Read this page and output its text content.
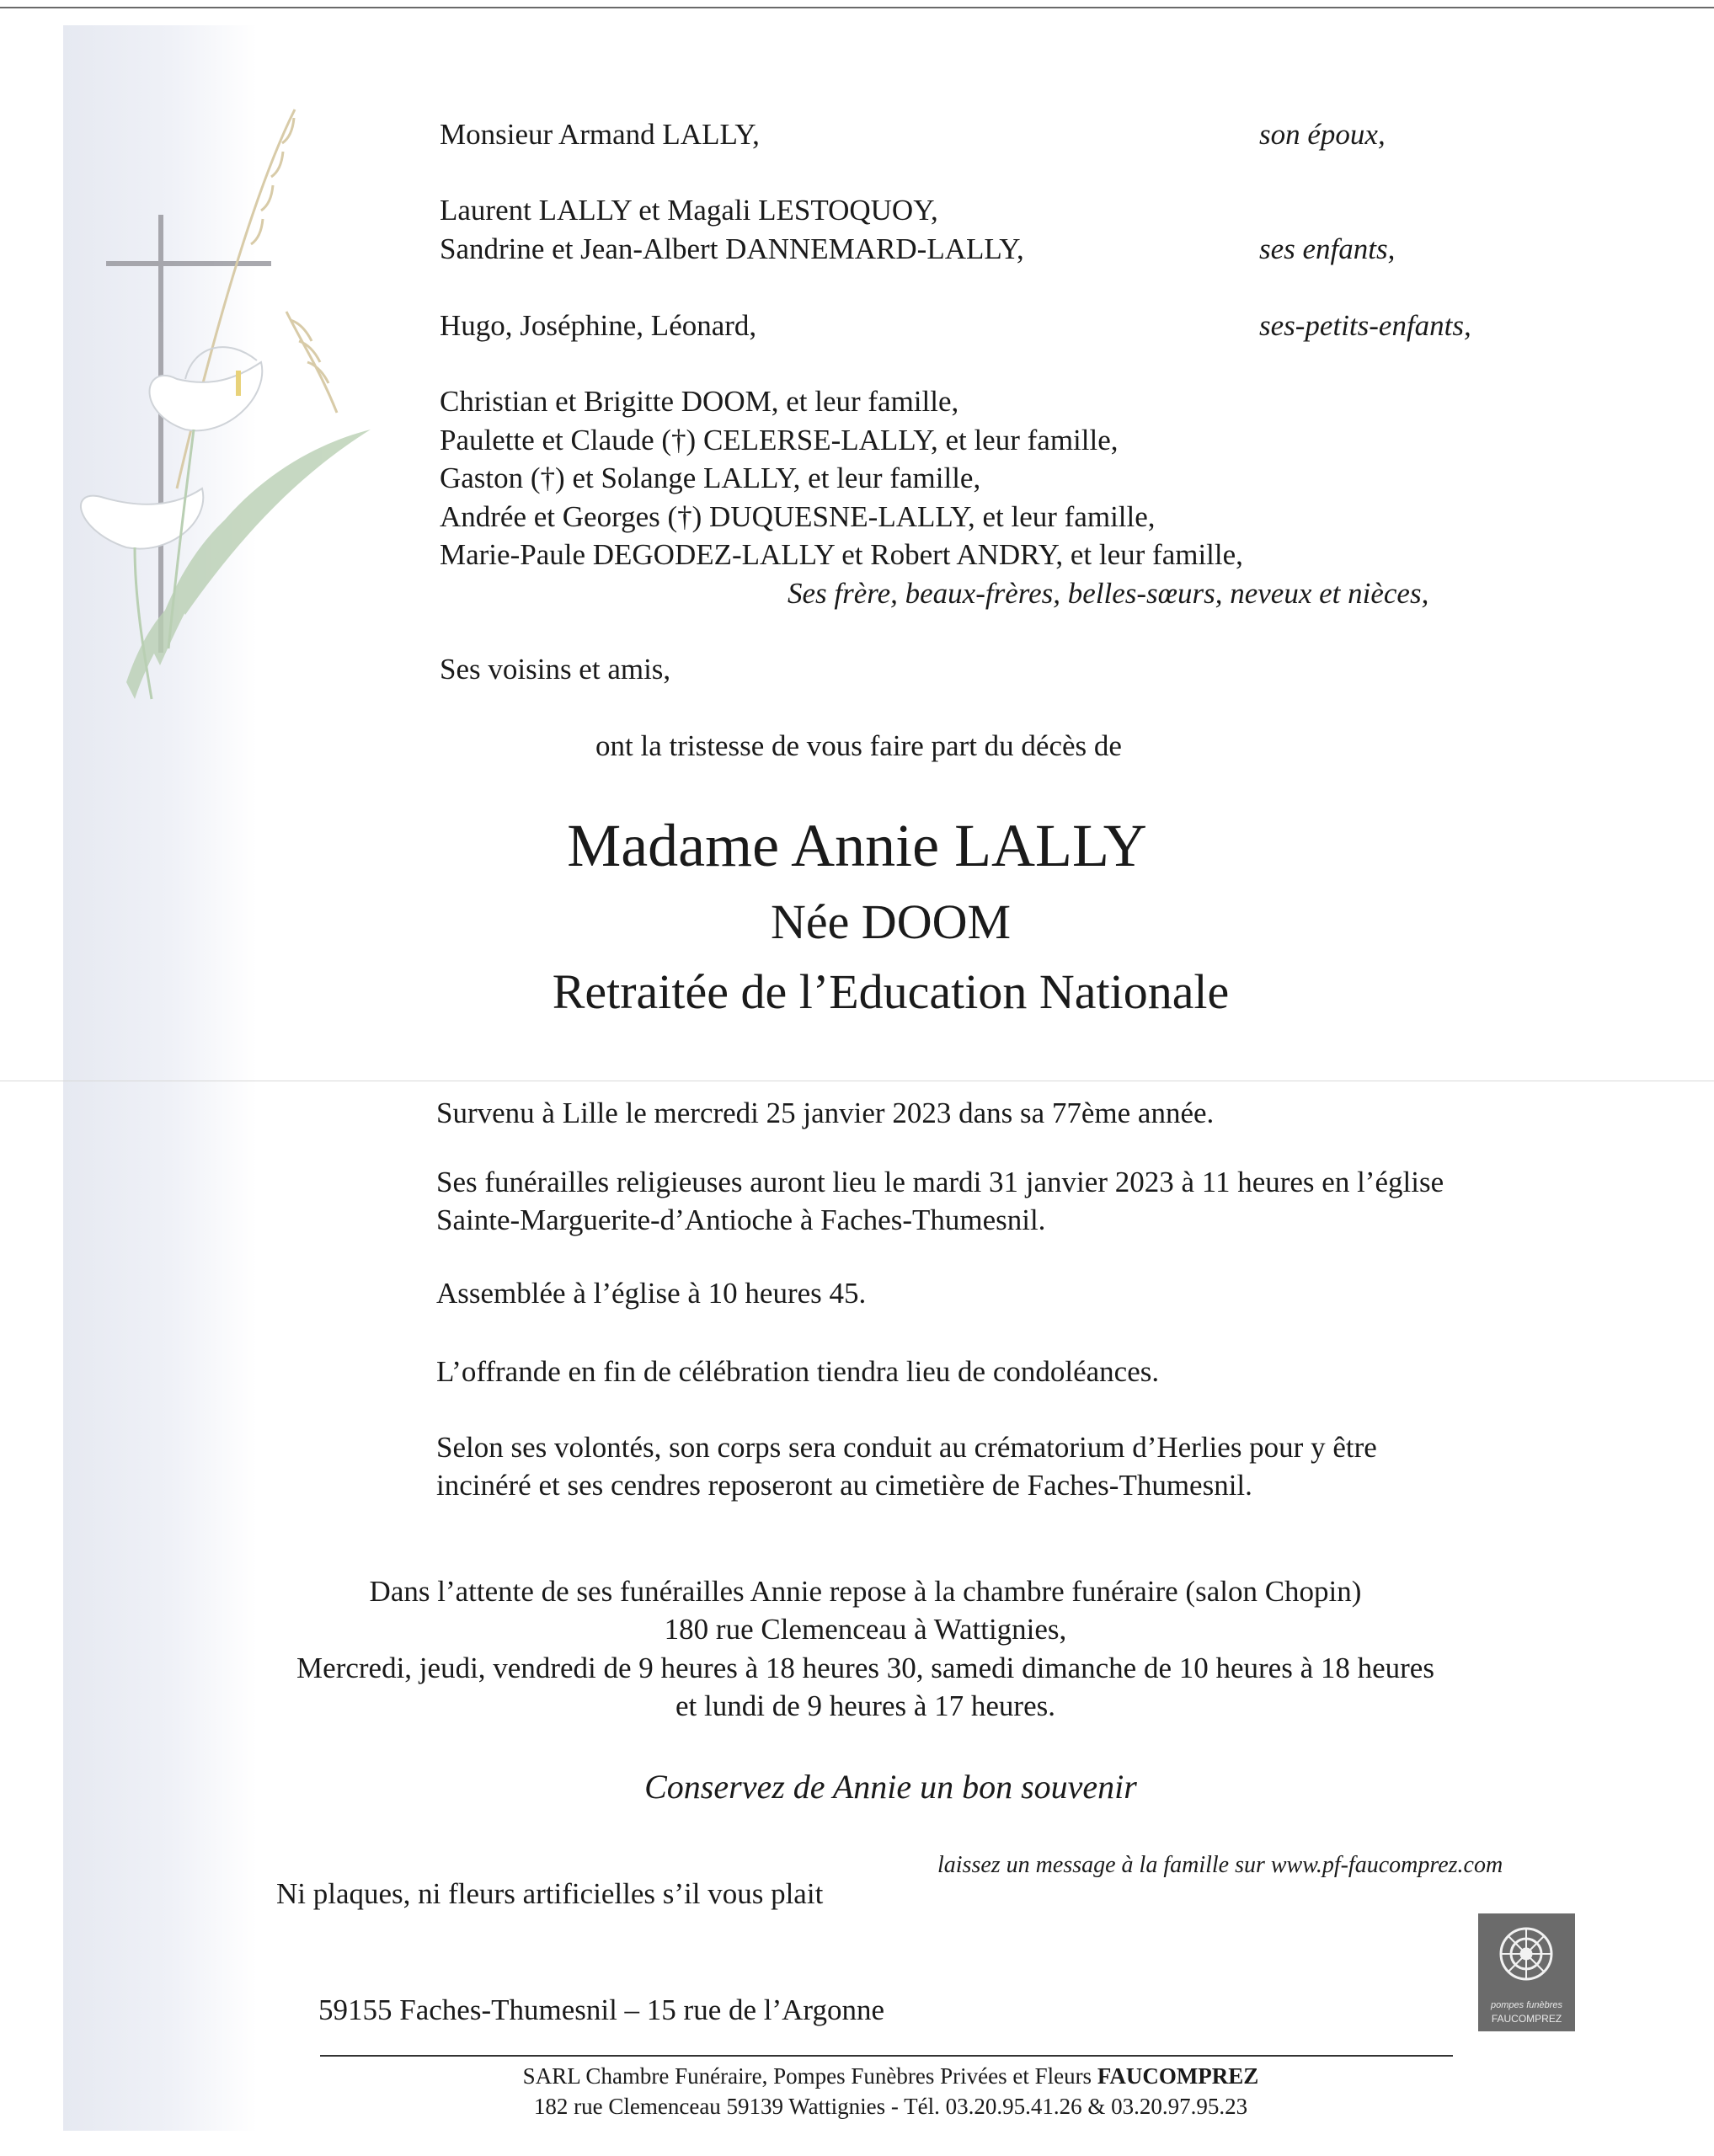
Monsieur Armand LALLY,	son époux,
Laurent LALLY et Magali LESTOQUOY,
Sandrine et Jean-Albert DANNEMARD-LALLY,	ses enfants,
Hugo, Joséphine, Léonard,	ses-petits-enfants,
Christian et Brigitte DOOM, et leur famille,
Paulette et Claude (†) CELERSE-LALLY, et leur famille,
Gaston (†) et Solange LALLY, et leur famille,
Andrée et Georges (†) DUQUESNE-LALLY, et leur famille,
Marie-Paule DEGODEZ-LALLY et Robert ANDRY, et leur famille,
Ses frère, beaux-frères, belles-sœurs, neveux et nièces,
Ses voisins et amis,
ont la tristesse de vous faire part du décès de
Madame Annie LALLY
Née DOOM
Retraitée de l’Education Nationale
Survenu à Lille le mercredi 25 janvier 2023 dans sa 77ème année.
Ses funérailles religieuses auront lieu le mardi 31 janvier 2023 à 11 heures en l’église
Sainte-Marguerite-d’Antioche à Faches-Thumesnil.
Assemblée à l’église à 10 heures 45.
L’offrande en fin de célébration tiendra lieu de condoléances.
Selon ses volontés, son corps sera conduit au crématorium d’Herlies pour y être
incinéré et ses cendres reposeront au cimetière de Faches-Thumesnil.
Dans l’attente de ses funérailles Annie repose à la chambre funéraire (salon Chopin)
180 rue Clemenceau à Wattignies,
Mercredi, jeudi, vendredi de 9 heures à 18 heures 30, samedi dimanche de 10 heures à 18 heures
et lundi de 9 heures à 17 heures.
Conservez de Annie un bon souvenir
laissez un message à la famille sur www.pf-faucomprez.com
Ni plaques, ni fleurs artificielles s’il vous plait
59155 Faches-Thumesnil – 15 rue de l’Argonne	pompes funèbres
FAUCOMPREZ
SARL Chambre Funéraire, Pompes Funèbres Privées et Fleurs FAUCOMPREZ
182 rue Clemenceau 59139 Wattignies - Tél. 03.20.95.41.26 & 03.20.97.95.23
